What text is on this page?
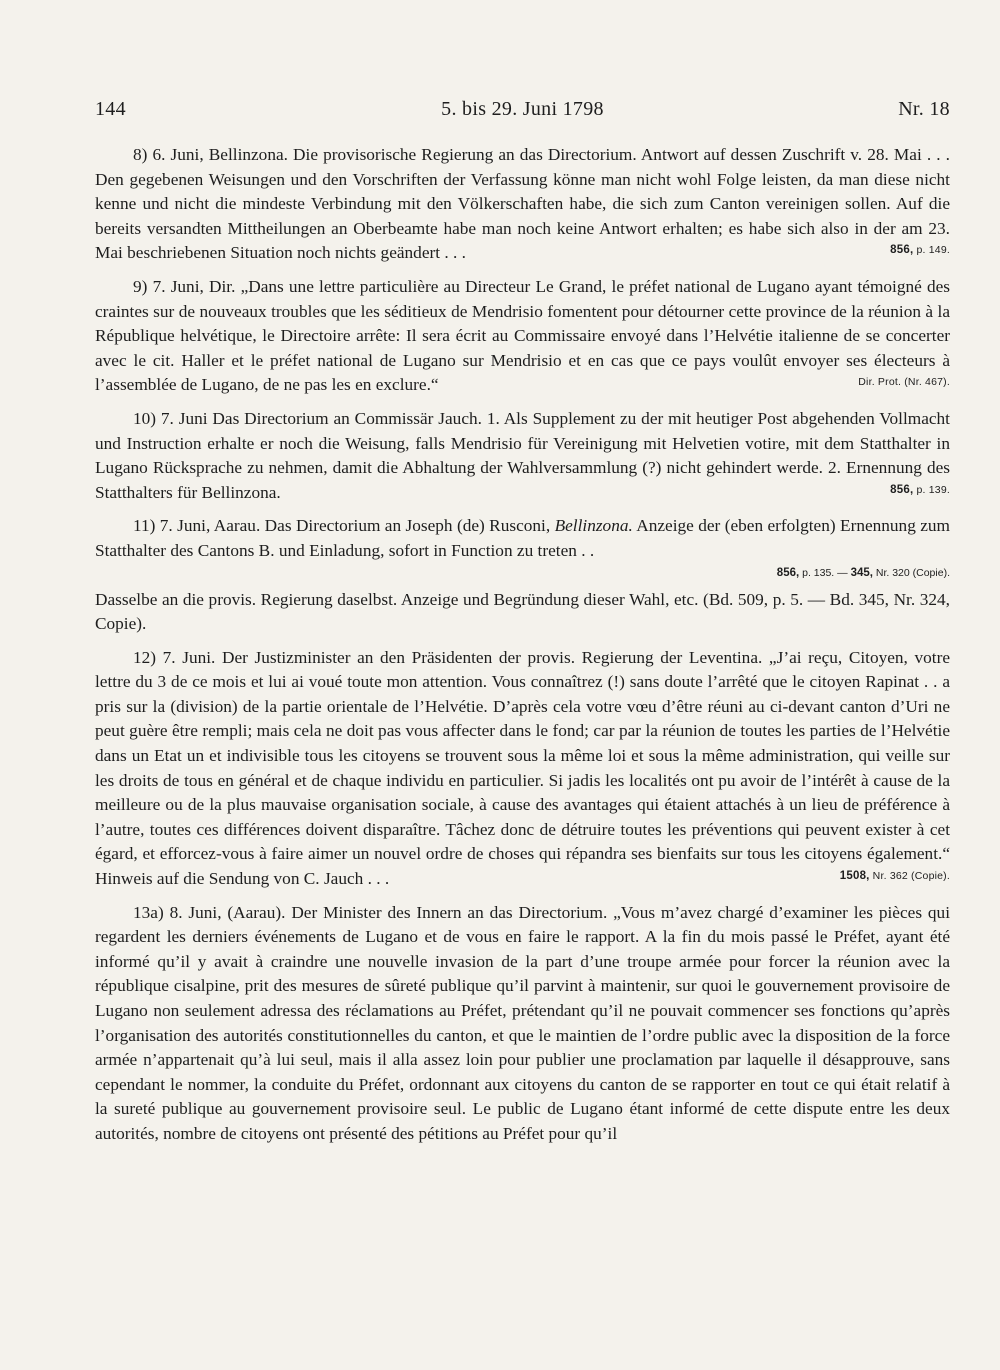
144	5. bis 29. Juni 1798	Nr. 18

8) 6. Juni, Bellinzona. Die provisorische Regierung an das Directorium. Antwort auf dessen Zuschrift v. 28. Mai . . . Den gegebenen Weisungen und den Vorschriften der Verfassung könne man nicht wohl Folge leisten, da man diese nicht kenne und nicht die mindeste Verbindung mit den Völkerschaften habe, die sich zum Canton vereinigen sollen. Auf die bereits versandten Mittheilungen an Oberbeamte habe man noch keine Antwort erhalten; es habe sich also in der am 23. Mai beschriebenen Situation noch nichts geändert . . .	856, p. 149.

9) 7. Juni, Dir. „Dans une lettre particulière au Directeur Le Grand, le préfet national de Lugano ayant témoigné des craintes sur de nouveaux troubles que les séditieux de Mendrisio fomentent pour détourner cette province de la réunion à la République helvétique, le Directoire arrête: Il sera écrit au Commissaire envoyé dans l’Helvétie italienne de se concerter avec le cit. Haller et le préfet national de Lugano sur Mendrisio et en cas que ce pays voulût envoyer ses électeurs à l’assemblée de Lugano, de ne pas les en exclure.“	Dir. Prot. (Nr. 467).

10) 7. Juni Das Directorium an Commissär Jauch. 1. Als Supplement zu der mit heutiger Post abgehenden Vollmacht und Instruction erhalte er noch die Weisung, falls Mendrisio für Vereinigung mit Helvetien votire, mit dem Statthalter in Lugano Rücksprache zu nehmen, damit die Abhaltung der Wahlversammlung (?) nicht gehindert werde. 2. Ernennung des Statthalters für Bellinzona.	856, p. 139.

11) 7. Juni, Aarau. Das Directorium an Joseph (de) Rusconi, Bellinzona. Anzeige der (eben erfolgten) Ernennung zum Statthalter des Cantons B. und Einladung, sofort in Function zu treten . .

856, p. 135. — 345, Nr. 320 (Copie).

Dasselbe an die provis. Regierung daselbst. Anzeige und Begründung dieser Wahl, etc. (Bd. 509, p. 5. — Bd. 345, Nr. 324, Copie).

12) 7. Juni. Der Justizminister an den Präsidenten der provis. Regierung der Leventina. „J’ai reçu, Citoyen, votre lettre du 3 de ce mois et lui ai voué toute mon attention. Vous connaîtrez (!) sans doute l’arrêté que le citoyen Rapinat . . a pris sur la (division) de la partie orientale de l’Helvétie. D’après cela votre vœu d’être réuni au ci-devant canton d’Uri ne peut guère être rempli; mais cela ne doit pas vous affecter dans le fond; car par la réunion de toutes les parties de l’Helvétie dans un Etat un et indivisible tous les citoyens se trouvent sous la même loi et sous la même administration, qui veille sur les droits de tous en général et de chaque individu en particulier. Si jadis les localités ont pu avoir de l’intérêt à cause de la meilleure ou de la plus mauvaise organisation sociale, à cause des avantages qui étaient attachés à un lieu de préférence à l’autre, toutes ces différences doivent disparaître. Tâchez donc de détruire toutes les préventions qui peuvent exister à cet égard, et efforcez-vous à faire aimer un nouvel ordre de choses qui répandra ses bienfaits sur tous les citoyens également.“ Hinweis auf die Sendung von C. Jauch . . .	1508, Nr. 362 (Copie).

13a) 8. Juni, (Aarau). Der Minister des Innern an das Directorium. „Vous m’avez chargé d’examiner les pièces qui regardent les derniers événements de Lugano et de vous en faire le rapport. A la fin du mois passé le Préfet, ayant été informé qu’il y avait à craindre une nouvelle invasion de la part d’une troupe armée pour forcer la réunion avec la république cisalpine, prit des mesures de sûreté publique qu’il parvint à maintenir, sur quoi le gouvernement provisoire de Lugano non seulement adressa des réclamations au Préfet, prétendant qu’il ne pouvait commencer ses fonctions qu’après l’organisation des autorités constitutionnelles du canton, et que le maintien de l’ordre public avec la disposition de la force armée n’appartenait qu’à lui seul, mais il alla assez loin pour publier une proclamation par laquelle il désapprouve, sans cependant le nommer, la conduite du Préfet, ordonnant aux citoyens du canton de se rapporter en tout ce qui était relatif à la sureté publique au gouvernement provisoire seul. Le public de Lugano étant informé de cette dispute entre les deux autorités, nombre de citoyens ont présenté des pétitions au Préfet pour qu’il
